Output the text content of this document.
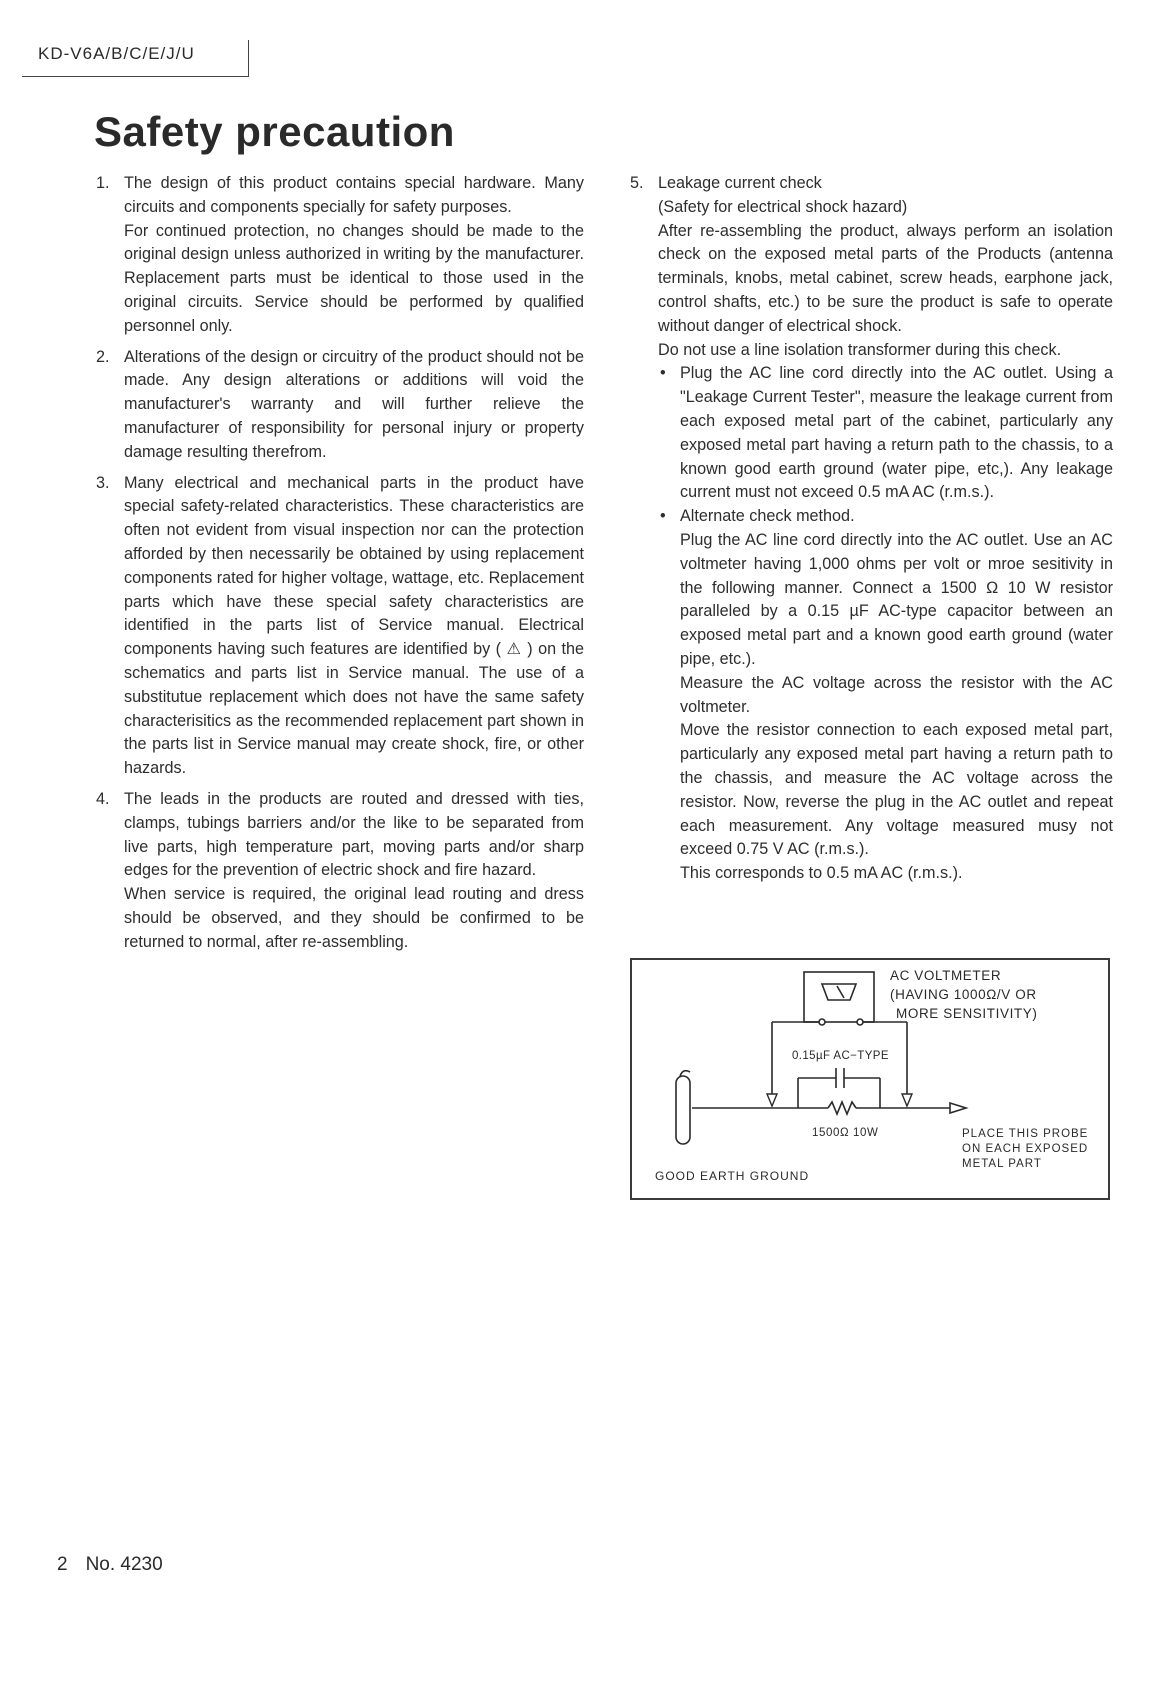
KD-V6A/B/C/E/J/U
Safety precaution
1. The design of this product contains special hardware. Many circuits and components specially for safety purposes.

For continued protection, no changes should be made to the original design unless authorized in writing by the manufacturer. Replacement parts must be identical to those used in the original circuits. Service should be performed by qualified personnel only.

2. Alterations of the design or circuitry of the product should not be made. Any design alterations or additions will void the manufacturer's warranty and will further relieve the manufacturer of responsibility for personal injury or property damage resulting therefrom.

3. Many electrical and mechanical parts in the product have special safety-related characteristics. These characteristics are often not evident from visual inspection nor can the protection afforded by then necessarily be obtained by using replacement components rated for higher voltage, wattage, etc. Replacement parts which have these special safety characteristics are identified in the parts list of Service manual. Electrical components having such features are identified by ( ⚠ ) on the schematics and parts list in Service manual. The use of a substitutue replacement which does not have the same safety characterisitics as the recommended replacement part shown in the parts list in Service manual may create shock, fire, or other hazards.

4. The leads in the products are routed and dressed with ties, clamps, tubings barriers and/or the like to be separated from live parts, high temperature part, moving parts and/or sharp edges for the prevention of electric shock and fire hazard.

When service is required, the original lead routing and dress should be observed, and they should be confirmed to be returned to normal, after re-assembling.

5. Leakage current check

(Safety for electrical shock hazard)

After re-assembling the product, always perform an isolation check on the exposed metal parts of the Products (antenna terminals, knobs, metal cabinet, screw heads, earphone jack, control shafts, etc.) to be sure the product is safe to operate without danger of electrical shock.

Do not use a line isolation transformer during this check.

• Plug the AC line cord directly into the AC outlet. Using a "Leakage Current Tester", measure the leakage current from each exposed metal part of the cabinet, particularly any exposed metal part having a return path to the chassis, to a known good earth ground (water pipe, etc,). Any leakage current must not exceed 0.5 mA AC (r.m.s.).

• Alternate check method.

Plug the AC line cord directly into the AC outlet. Use an AC voltmeter having 1,000 ohms per volt or mroe sesitivity in the following manner. Connect a 1500 Ω 10 W resistor paralleled by a 0.15 µF AC-type capacitor between an exposed metal part and a known good earth ground (water pipe, etc.).

Measure the AC voltage across the resistor with the AC voltmeter.

Move the resistor connection to each exposed metal part, particularly any exposed metal part having a return path to the chassis, and measure the AC voltage across the resistor. Now, reverse the plug in the AC outlet and repeat each measurement. Any voltage measured musy not exceed 0.75 V AC (r.m.s.).

This corresponds to 0.5 mA AC (r.m.s.).

AC VOLTMETER
(HAVING 1000Ω/V OR
MORE SENSITIVITY)
0.15µF AC−TYPE
1500Ω 10W	PLACE THIS PROBE
ON EACH EXPOSED
METAL PART
GOOD EARTH GROUND
2 No. 4230
